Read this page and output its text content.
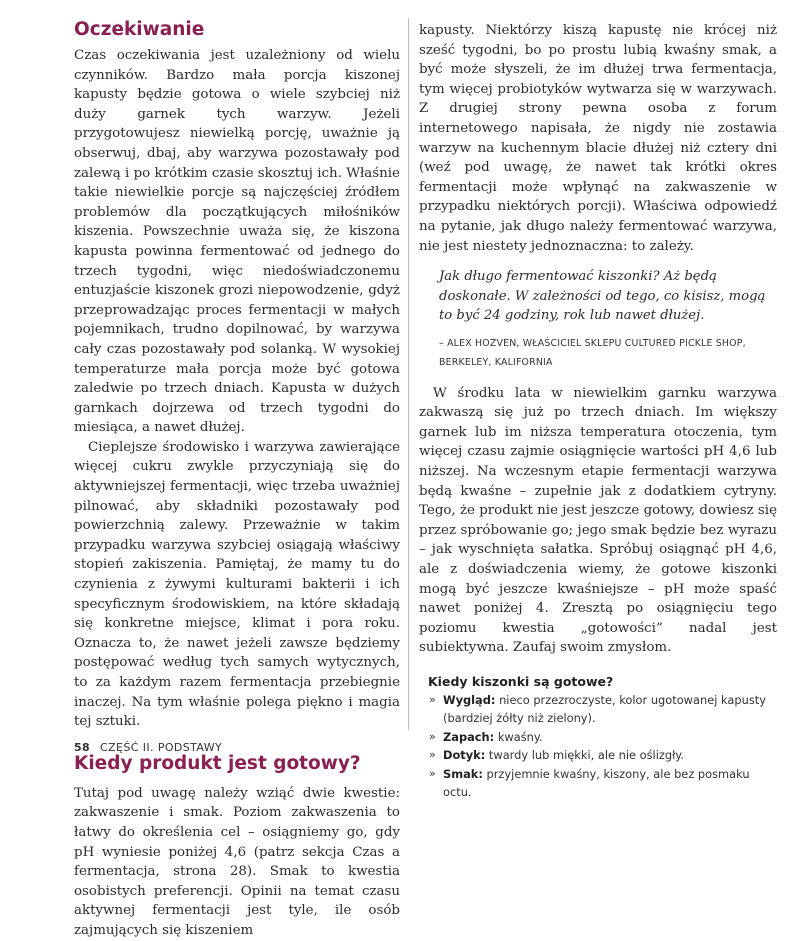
Oczekiwanie

Czas oczekiwania jest uzależniony od wielu czynników. Bardzo mała porcja kiszonej kapusty będzie gotowa o wiele szybciej niż duży garnek tych warzyw. Jeżeli przygotowujesz niewielką porcję, uważnie ją obserwuj, dbaj, aby warzywa pozostawały pod zalewą i po krótkim czasie skosztuj ich. Właśnie takie niewielkie porcje są najczęściej źródłem problemów dla początkujących miłośników kiszenia. Powszechnie uważa się, że kiszona kapusta powinna fermentować od jednego do trzech tygodni, więc niedoświadczonemu entuzjaście kiszonek grozi niepowodzenie, gdyż przeprowadzając proces fermentacji w małych pojemnikach, trudno dopilnować, by warzywa cały czas pozostawały pod solanką. W wysokiej temperaturze mała porcja może być gotowa zaledwie po trzech dniach. Kapusta w dużych garnkach dojrzewa od trzech tygodni do miesiąca, a nawet dłużej.

Cieplejsze środowisko i warzywa zawierające więcej cukru zwykle przyczyniają się do aktywniejszej fermentacji, więc trzeba uważniej pilnować, aby składniki pozostawały pod powierzchnią zalewy. Przeważnie w takim przypadku warzywa szybciej osiągają właściwy stopień zakiszenia. Pamiętaj, że mamy tu do czynienia z żywymi kulturami bakterii i ich specyficznym środowiskiem, na które składają się konkretne miejsce, klimat i pora roku. Oznacza to, że nawet jeżeli zawsze będziemy postępować według tych samych wytycznych, to za każdym razem fermentacja przebiegnie inaczej. Na tym właśnie polega piękno i magia tej sztuki.

Kiedy produkt jest gotowy?

Tutaj pod uwagę należy wziąć dwie kwestie: zakwaszenie i smak. Poziom zakwaszenia to łatwy do określenia cel – osiągniemy go, gdy pH wyniesie poniżej 4,6 (patrz sekcja Czas a fermentacja, strona 28). Smak to kwestia osobistych preferencji. Opinii na temat czasu aktywnej fermentacji jest tyle, ile osób zajmujących się kiszeniem

kapusty. Niektórzy kiszą kapustę nie krócej niż sześć tygodni, bo po prostu lubią kwaśny smak, a być może słyszeli, że im dłużej trwa fermentacja, tym więcej probiotyków wytwarza się w warzywach. Z drugiej strony pewna osoba z forum internetowego napisała, że nigdy nie zostawia warzyw na kuchennym blacie dłużej niż cztery dni (weź pod uwagę, że nawet tak krótki okres fermentacji może wpłynąć na zakwaszenie w przypadku niektórych porcji). Właściwa odpowiedź na pytanie, jak długo należy fermentować warzywa, nie jest niestety jednoznaczna: to zależy.

Jak długo fermentować kiszonki? Aż będą doskonałe. W zależności od tego, co kisisz, mogą to być 24 godziny, rok lub nawet dłużej.
– ALEX HOZVEN, WŁAŚCICIEL SKLEPU CULTURED PICKLE SHOP, BERKELEY, KALIFORNIA

W środku lata w niewielkim garnku warzywa zakwaszą się już po trzech dniach. Im większy garnek lub im niższa temperatura otoczenia, tym więcej czasu zajmie osiągnięcie wartości pH 4,6 lub niższej. Na wczesnym etapie fermentacji warzywa będą kwaśne – zupełnie jak z dodatkiem cytryny. Tego, że produkt nie jest jeszcze gotowy, dowiesz się przez spróbowanie go; jego smak będzie bez wyrazu – jak wyschnięta sałatka. Spróbuj osiągnąć pH 4,6, ale z doświadczenia wiemy, że gotowe kiszonki mogą być jeszcze kwaśniejsze – pH może spaść nawet poniżej 4. Zresztą po osiągnięciu tego poziomu kwestia „gotowości” nadal jest subiektywna. Zaufaj swoim zmysłom.

Kiedy kiszonki są gotowe?
» Wygląd: nieco przezroczyste, kolor ugotowanej kapusty (bardziej żółty niż zielony).
» Zapach: kwaśny.
» Dotyk: twardy lub miękki, ale nie oślizgły.
» Smak: przyjemnie kwaśny, kiszony, ale bez posmaku octu.
58 CZĘŚĆ II. PODSTAWY
